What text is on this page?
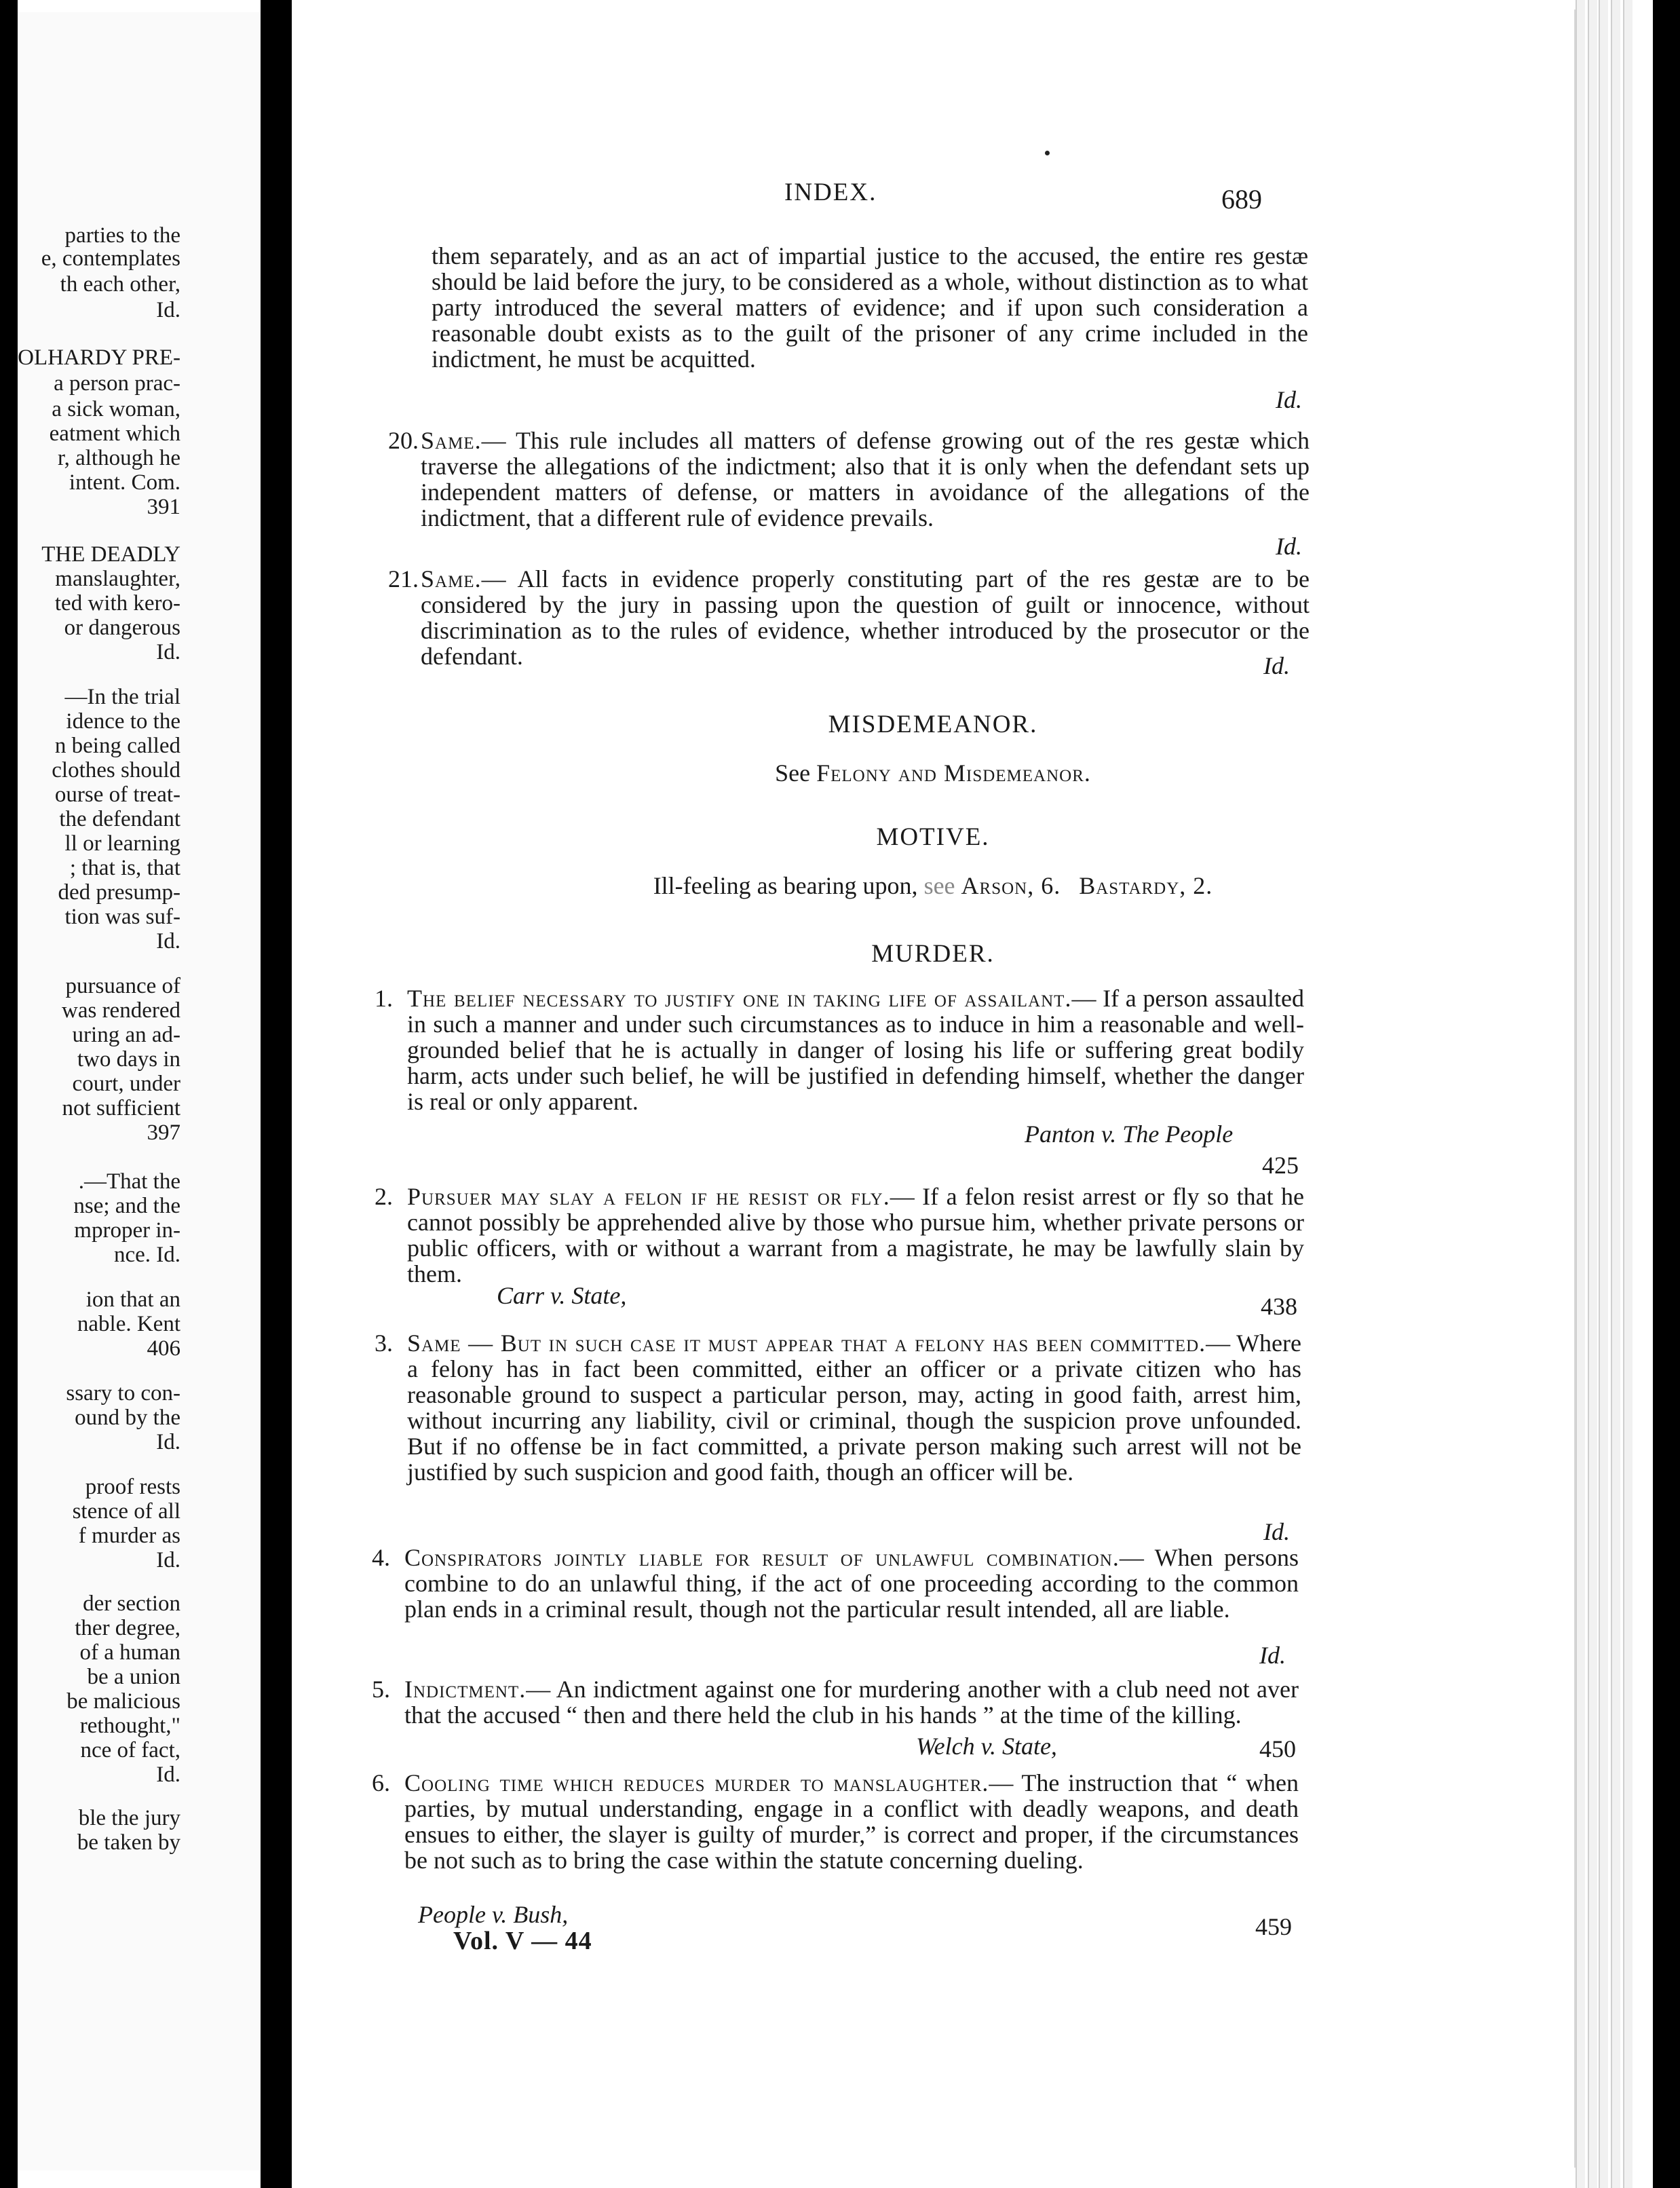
parties to the
e, contemplates
th each other,
Id.
OLHARDY PRE-
a person prac-
a sick woman,
eatment which
r, although he
intent. Com.
391
THE DEADLY
manslaughter,
ted with kero-
or dangerous
Id.
—In the trial
idence to the
n being called
clothes should
ourse of treat-
the defendant
ll or learning
; that is, that
ded presump-
tion was suf-
Id.
pursuance of
was rendered
uring an ad-
two days in
court, under
not sufficient
397
.—That the
nse; and the
mproper in-
nce. Id.
ion that an
nable. Kent
406
ssary to con-
ound by the
Id.
proof rests
stence of all
f murder as
Id.
der section
ther degree,
of a human
be a union
be malicious
rethought,"
nce of fact,
Id.
ble the jury
be taken by
INDEX.	689
them separately, and as an act of impartial justice to the accused, the entire res gestæ should be laid before the jury, to be considered as a whole, without distinction as to what party introduced the several matters of evidence; and if upon such consideration a reasonable doubt exists as to the guilt of the prisoner of any crime included in the indictment, he must be acquitted.
Id.
20. Same.— This rule includes all matters of defense growing out of the res gestæ which traverse the allegations of the indictment; also that it is only when the defendant sets up independent matters of defense, or matters in avoidance of the allegations of the indictment, that a different rule of evidence prevails.
Id.
21. Same.— All facts in evidence properly constituting part of the res gestæ are to be considered by the jury in passing upon the question of guilt or innocence, without discrimination as to the rules of evidence, whether introduced by the prosecutor or the defendant.	Id.
MISDEMEANOR.
See Felony and Misdemeanor.
MOTIVE.
Ill-feeling as bearing upon, see Arson, 6. Bastardy, 2.
MURDER.
1. The belief necessary to justify one in taking life of assailant.— If a person assaulted in such a manner and under such circumstances as to induce in him a reasonable and well-grounded belief that he is actually in danger of losing his life or suffering great bodily harm, acts under such belief, he will be justified in defending himself, whether the danger is real or only apparent.
Panton v. The People
425
2. Pursuer may slay a felon if he resist or fly.— If a felon resist arrest or fly so that he cannot possibly be apprehended alive by those who pursue him, whether private persons or public officers, with or without a warrant from a magistrate, he may be lawfully slain by them.
Carr v. State,	438
3. Same — But in such case it must appear that a felony has been committed.— Where a felony has in fact been committed, either an officer or a private citizen who has reasonable ground to suspect a particular person, may, acting in good faith, arrest him, without incurring any liability, civil or criminal, though the suspicion prove unfounded. But if no offense be in fact committed, a private person making such arrest will not be justified by such suspicion and good faith, though an officer will be.
Id.
4. Conspirators jointly liable for result of unlawful combination.— When persons combine to do an unlawful thing, if the act of one proceeding according to the common plan ends in a criminal result, though not the particular result intended, all are liable.
Id.
5. Indictment.— An indictment against one for murdering another with a club need not aver that the accused “ then and there held the club in his hands ” at the time of the killing.
Welch v. State,	450
6. Cooling time which reduces murder to manslaughter.— The instruction that “ when parties, by mutual understanding, engage in a conflict with deadly weapons, and death ensues to either, the slayer is guilty of murder,” is correct and proper, if the circumstances be not such as to bring the case within the statute concerning dueling.
People v. Bush,	459
Vol. V — 44
